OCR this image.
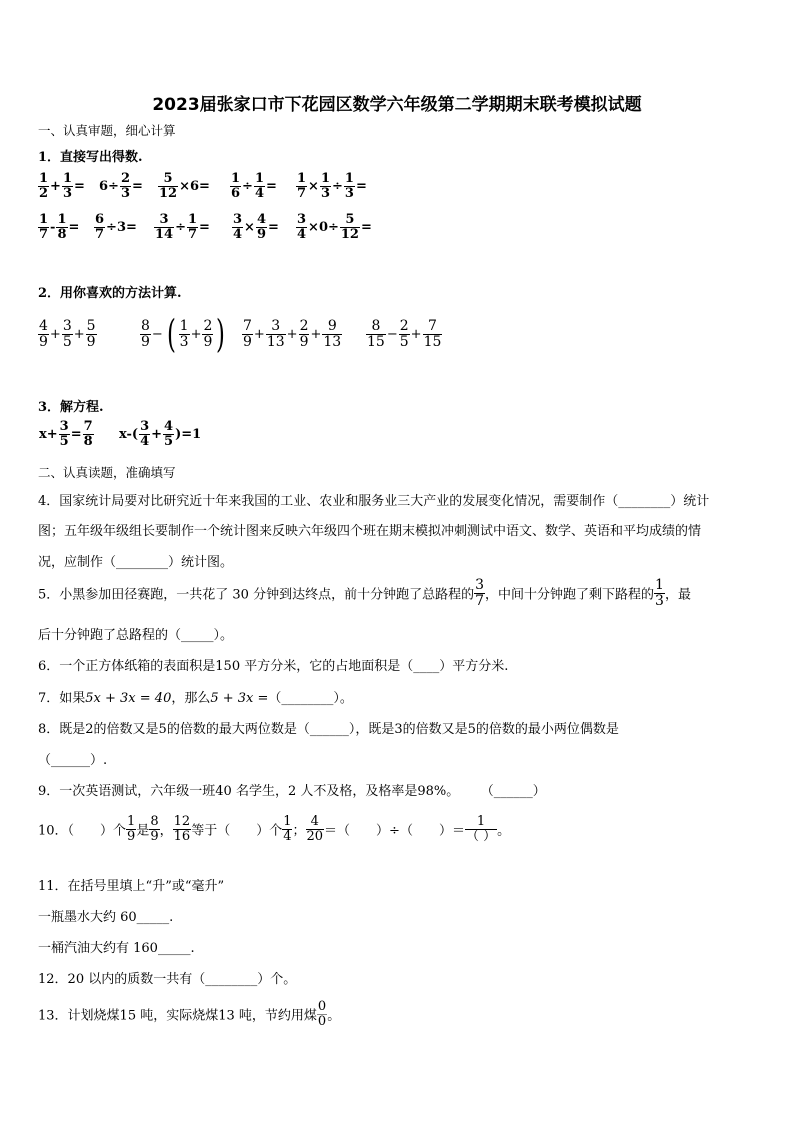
2023届张家口市下花园区数学六年级第二学期期末联考模拟试题
一、认真审题，细心计算
1．直接写出得数.
$\frac{1}{2} + \frac{1}{3} = 6\div \frac{2}{3} = \frac{5}{12} \times 6= \frac{1}{6} \div \frac{1}{4} = \frac{1}{7} \times \frac{1}{3} \div \frac{1}{3}$ =
$\frac{1}{7} - \frac{1}{8} = \frac{6}{7} \div 3= \frac{3}{14} \div \frac{1}{7} = \frac{3}{4} \times \frac{4}{9} = \frac{3}{4} \times 0\div \frac{5}{12}$ =
2．用你喜欢的方法计算.
$\frac{4}{9} + \frac{3}{5} + \frac{5}{9}$	$\frac{8}{9}$ − ( $\frac{1}{3} + \frac{2}{9}$ ) $\frac{7}{9} + \frac{3}{13} + \frac{2}{9} + \frac{9}{13} \frac{8}{15} - \frac{2}{5} + \frac{7}{15}$
3．解方程.
$x+ \frac{3}{5} = \frac{7}{8} x-( \frac{3}{4} + \frac{4}{5} )=1$
二、认真读题，准确填写
4．国家统计局要对比研究近十年来我国的工业、农业和服务业三大产业的发展变化情况，需要制作（________）统计
图；五年级年级组长要制作一个统计图来反映六年级四个班在期末模拟冲刺测试中语文、数学、英语和平均成绩的情
况，应制作（________）统计图。
5．小黑参加田径赛跑，一共花了 30 分钟到达终点，前十分钟跑了总路程的 $\frac{3}{7}$ ，中间十分钟跑了剩下路程的 $\frac{1}{3}$ ，最
后十分钟跑了总路程的（_____）。
6．一个正方体纸箱的表面积是150 平方分米，它的占地面积是（____）平方分米.
7．如果5x + 3x = 40，那么5 + 3x =（________）。
8．既是2的倍数又是5的倍数的最大两位数是（______），既是3的倍数又是5的倍数的最小两位偶数是
（______）.
9．一次英语测试，六年级一班40 名学生，2 人不及格，及格率是98%。 （______）
10．（　　）个 $\frac{1}{9}$ 是 $\frac{8}{9}$ ， $\frac{12}{16}$ 等于（　　）个 $\frac{1}{4}$ ； $\frac{4}{20}$ ＝（　　）÷（　　）＝ $\frac{1}{( )}$ 。
11．在括号里填上“升”或“毫升”
一瓶墨水大约 60_____.
一桶汽油大约有 160_____.
12．20 以内的质数一共有（________）个。
13．计划烧煤15 吨，实际烧煤13 吨，节约用煤 $\frac{0}{0}$ 。
